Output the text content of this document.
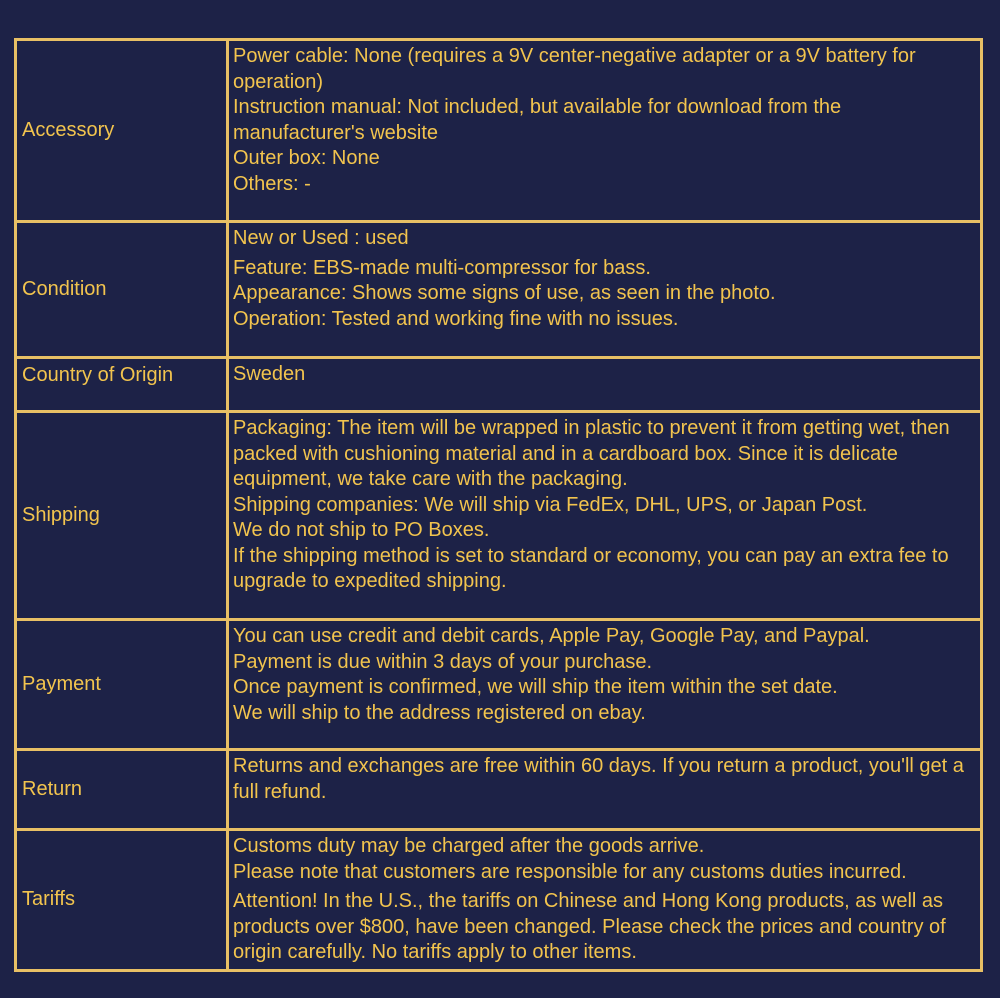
Accessory	Power cable: None (requires a 9V center-negative adapter or a 9V battery for operation)
Instruction manual: Not included, but available for download from the manufacturer's website
Outer box: None
Others: -

Condition	New or Used : used
Feature: EBS-made multi-compressor for bass.
Appearance: Shows some signs of use, as seen in the photo.
Operation: Tested and working fine with no issues.

Country of Origin	Sweden

Shipping	Packaging: The item will be wrapped in plastic to prevent it from getting wet, then packed with cushioning material and in a cardboard box. Since it is delicate equipment, we take care with the packaging.
Shipping companies: We will ship via FedEx, DHL, UPS, or Japan Post.
We do not ship to PO Boxes.
If the shipping method is set to standard or economy, you can pay an extra fee to upgrade to expedited shipping.

Payment	You can use credit and debit cards, Apple Pay, Google Pay, and Paypal.
Payment is due within 3 days of your purchase.
Once payment is confirmed, we will ship the item within the set date.
We will ship to the address registered on ebay.

Return	Returns and exchanges are free within 60 days. If you return a product, you'll get a full refund.

Tariffs	Customs duty may be charged after the goods arrive.
Please note that customers are responsible for any customs duties incurred.
Attention! In the U.S., the tariffs on Chinese and Hong Kong products, as well as products over $800, have been changed. Please check the prices and country of origin carefully. No tariffs apply to other items.
